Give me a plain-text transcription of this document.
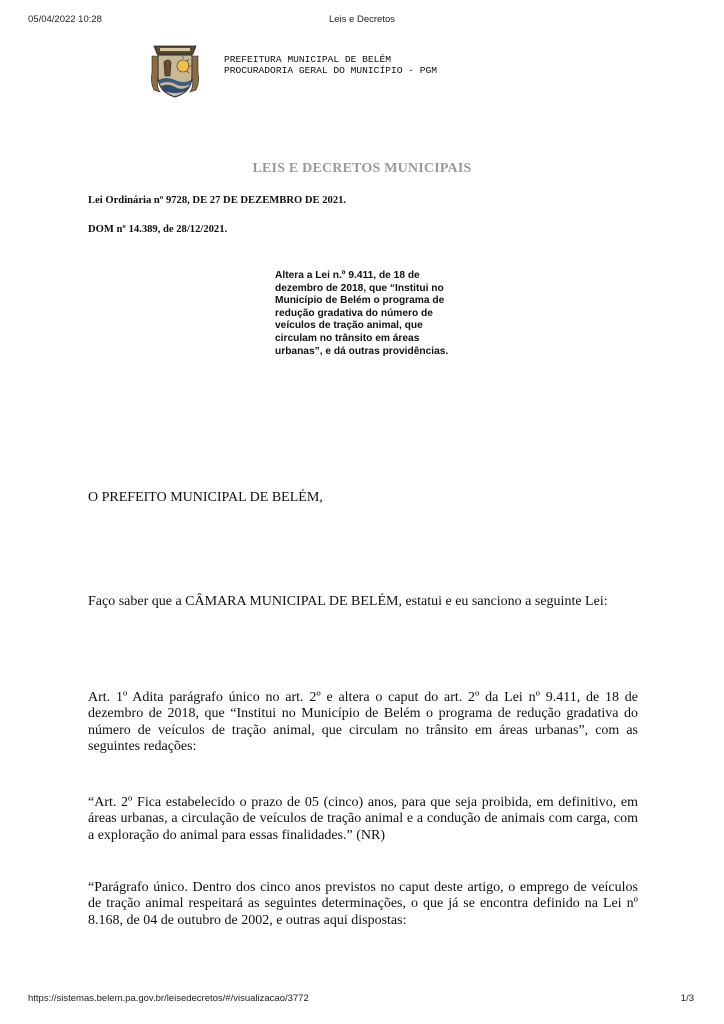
05/04/2022 10:28	Leis e Decretos
PREFEITURA MUNICIPAL DE BELÉM
PROCURADORIA GERAL DO MUNICÍPIO - PGM
LEIS E DECRETOS MUNICIPAIS
Lei Ordinária nº 9728, DE 27 DE DEZEMBRO DE 2021.
DOM nº 14.389, de 28/12/2021.
Altera a Lei n.º 9.411, de 18 de dezembro de 2018, que “Institui no Município de Belém o programa de redução gradativa do número de veículos de tração animal, que circulam no trânsito em áreas urbanas”, e dá outras providências.
O PREFEITO MUNICIPAL DE BELÉM,
Faço saber que a CÂMARA MUNICIPAL DE BELÉM, estatui e eu sanciono a seguinte Lei:
Art. 1º Adita parágrafo único no art. 2º e altera o caput do art. 2º da Lei nº 9.411, de 18 de dezembro de 2018, que “Institui no Município de Belém o programa de redução gradativa do número de veículos de tração animal, que circulam no trânsito em áreas urbanas”, com as seguintes redações:
“Art. 2º Fica estabelecido o prazo de 05 (cinco) anos, para que seja proibida, em definitivo, em áreas urbanas, a circulação de veículos de tração animal e a condução de animais com carga, com a exploração do animal para essas finalidades.” (NR)
“Parágrafo único. Dentro dos cinco anos previstos no caput deste artigo, o emprego de veículos de tração animal respeitará as seguintes determinações, o que já se encontra definido na Lei nº 8.168, de 04 de outubro de 2002, e outras aqui dispostas:
https://sistemas.belem.pa.gov.br/leisedecretos/#/visualizacao/3772	1/3
